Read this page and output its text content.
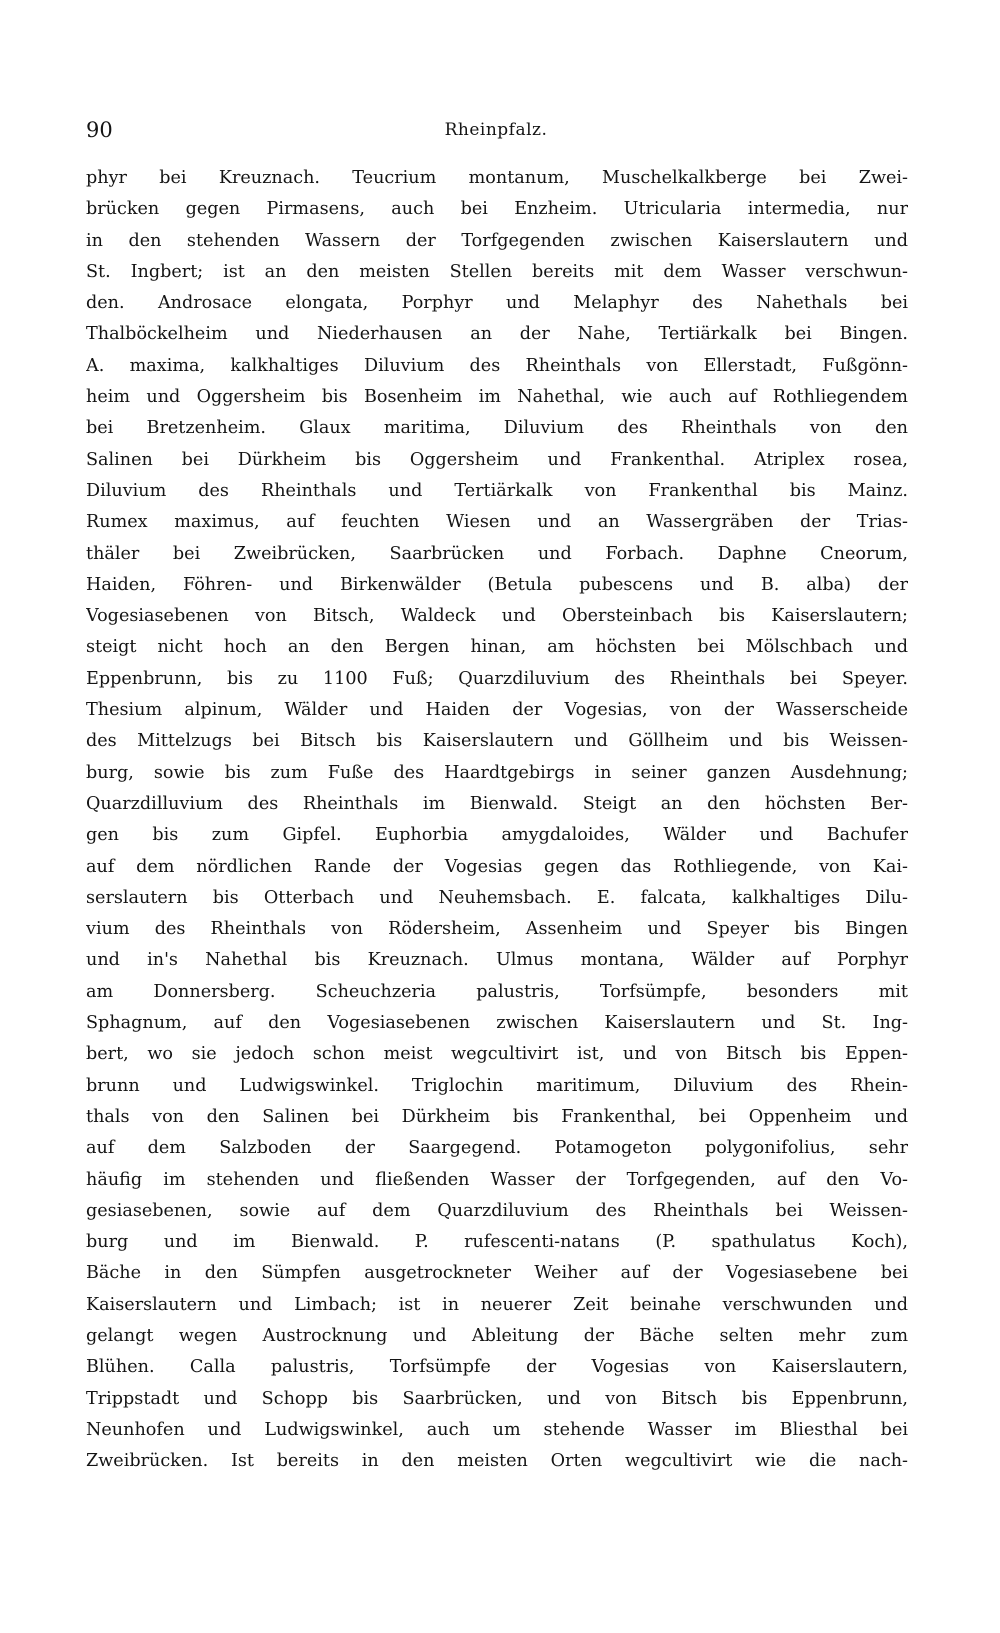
90	Rheinpfalz.
phyr bei Kreuznach. Teucrium montanum, Muschelkalkberge bei Zwei-
brücken gegen Pirmasens, auch bei Enzheim. Utricularia intermedia, nur
in den stehenden Wassern der Torfgegenden zwischen Kaiserslautern und
St. Ingbert; ist an den meisten Stellen bereits mit dem Wasser verschwun-
den. Androsace elongata, Porphyr und Melaphyr des Nahethals bei
Thalböckelheim und Niederhausen an der Nahe, Tertiärkalk bei Bingen.
A. maxima, kalkhaltiges Diluvium des Rheinthals von Ellerstadt, Fußgönn-
heim und Oggersheim bis Bosenheim im Nahethal, wie auch auf Rothliegendem
bei Bretzenheim. Glaux maritima, Diluvium des Rheinthals von den
Salinen bei Dürkheim bis Oggersheim und Frankenthal. Atriplex rosea,
Diluvium des Rheinthals und Tertiärkalk von Frankenthal bis Mainz.
Rumex maximus, auf feuchten Wiesen und an Wassergräben der Trias-
thäler bei Zweibrücken, Saarbrücken und Forbach. Daphne Cneorum,
Haiden, Föhren- und Birkenwälder (Betula pubescens und B. alba) der
Vogesiasebenen von Bitsch, Waldeck und Obersteinbach bis Kaiserslautern;
steigt nicht hoch an den Bergen hinan, am höchsten bei Mölschbach und
Eppenbrunn, bis zu 1100 Fuß; Quarzdiluvium des Rheinthals bei Speyer.
Thesium alpinum, Wälder und Haiden der Vogesias, von der Wasserscheide
des Mittelzugs bei Bitsch bis Kaiserslautern und Göllheim und bis Weissen-
burg, sowie bis zum Fuße des Haardtgebirgs in seiner ganzen Ausdehnung;
Quarzdilluvium des Rheinthals im Bienwald. Steigt an den höchsten Ber-
gen bis zum Gipfel. Euphorbia amygdaloides, Wälder und Bachufer
auf dem nördlichen Rande der Vogesias gegen das Rothliegende, von Kai-
serslautern bis Otterbach und Neuhemsbach. E. falcata, kalkhaltiges Dilu-
vium des Rheinthals von Rödersheim, Assenheim und Speyer bis Bingen
und in's Nahethal bis Kreuznach. Ulmus montana, Wälder auf Porphyr
am Donnersberg. Scheuchzeria palustris, Torfsümpfe, besonders mit
Sphagnum, auf den Vogesiasebenen zwischen Kaiserslautern und St. Ing-
bert, wo sie jedoch schon meist wegcultivirt ist, und von Bitsch bis Eppen-
brunn und Ludwigswinkel. Triglochin maritimum, Diluvium des Rhein-
thals von den Salinen bei Dürkheim bis Frankenthal, bei Oppenheim und
auf dem Salzboden der Saargegend. Potamogeton polygonifolius, sehr
häufig im stehenden und fließenden Wasser der Torfgegenden, auf den Vo-
gesiasebenen, sowie auf dem Quarzdiluvium des Rheinthals bei Weissen-
burg und im Bienwald. P. rufescenti-natans (P. spathulatus Koch),
Bäche in den Sümpfen ausgetrockneter Weiher auf der Vogesiasebene bei
Kaiserslautern und Limbach; ist in neuerer Zeit beinahe verschwunden und
gelangt wegen Austrocknung und Ableitung der Bäche selten mehr zum
Blühen. Calla palustris, Torfsümpfe der Vogesias von Kaiserslautern,
Trippstadt und Schopp bis Saarbrücken, und von Bitsch bis Eppenbrunn,
Neunhofen und Ludwigswinkel, auch um stehende Wasser im Bliesthal bei
Zweibrücken. Ist bereits in den meisten Orten wegcultivirt wie die nach-
